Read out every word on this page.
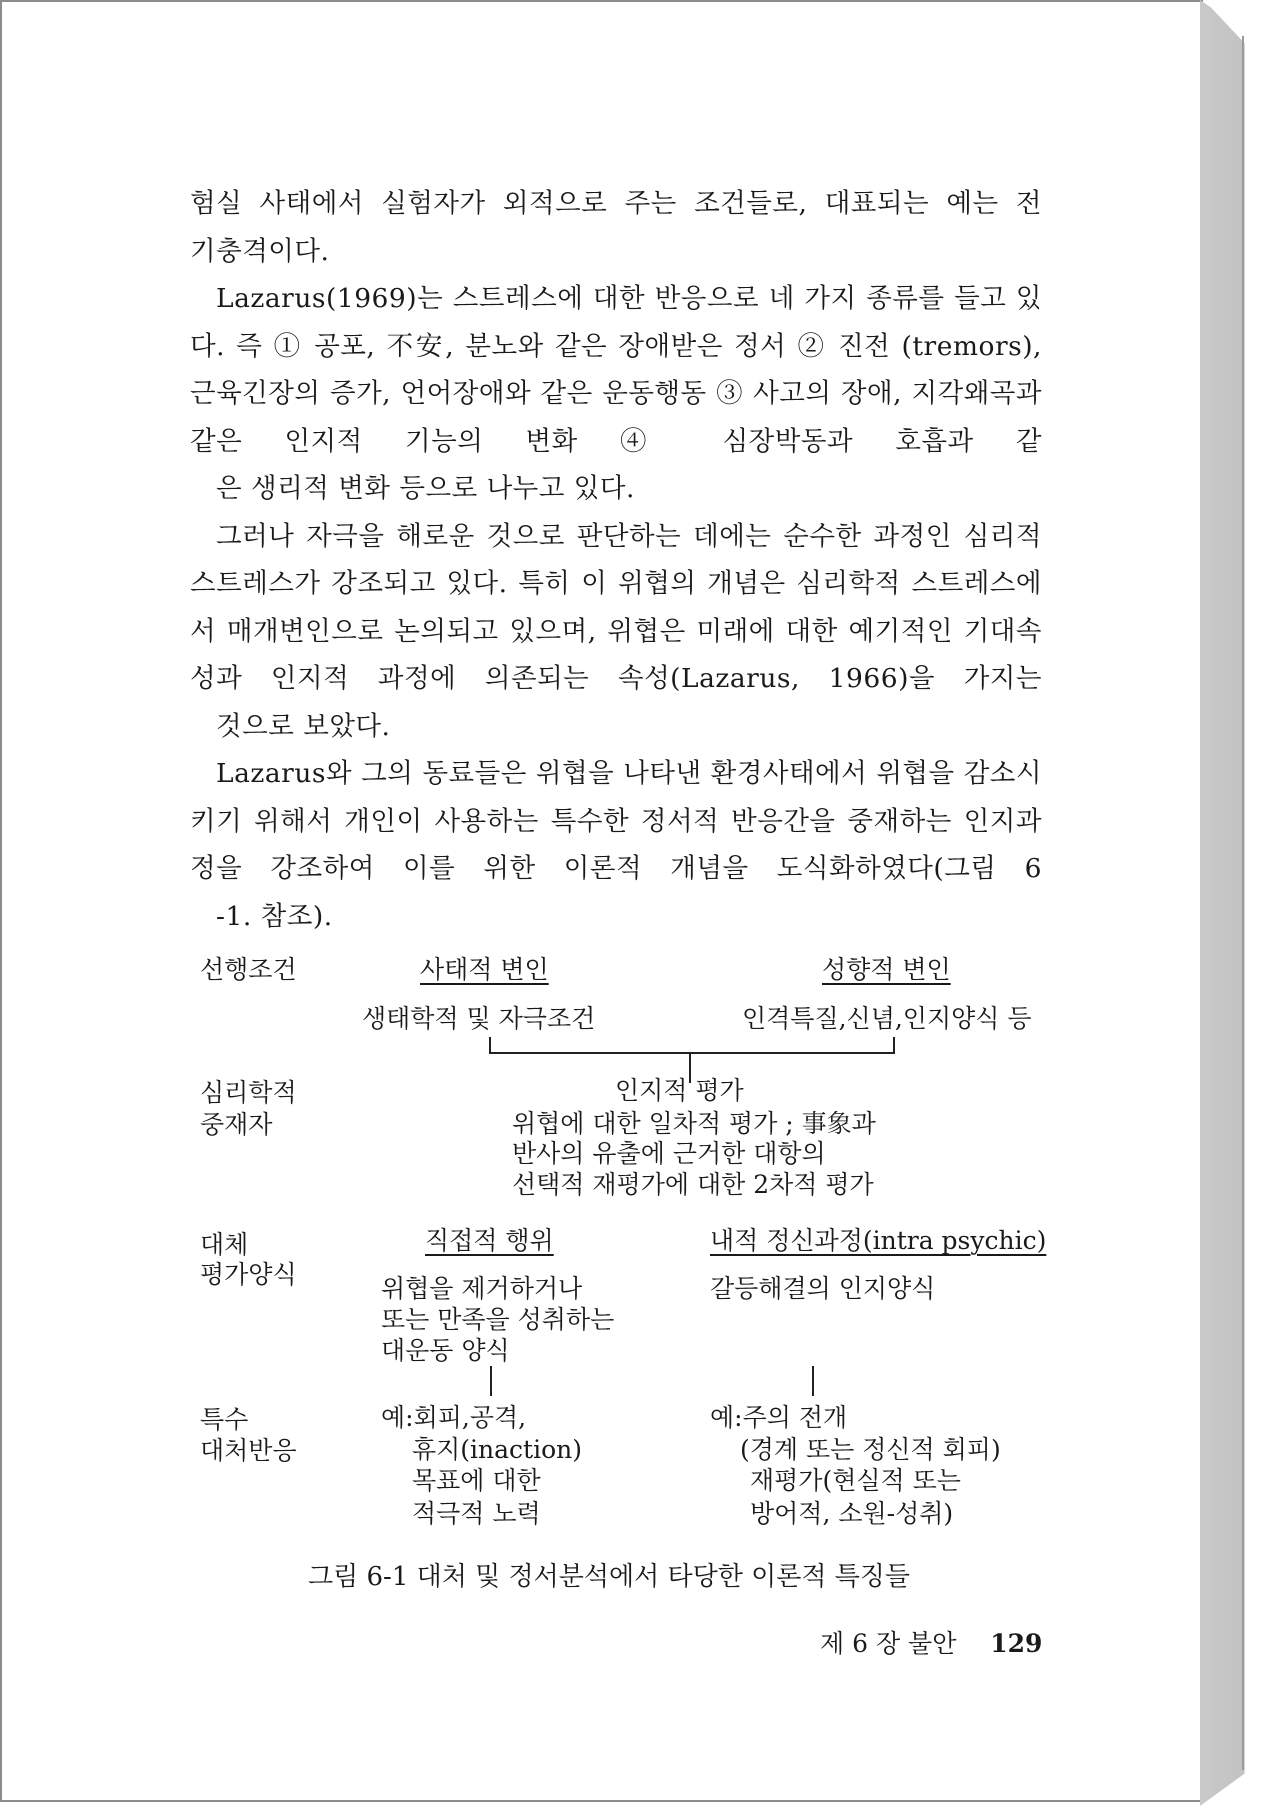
험실 사태에서 실험자가 외적으로 주는 조건들로, 대표되는 예는 전
기충격이다.

Lazarus(1969)는 스트레스에 대한 반응으로 네 가지 종류를 들고 있다. 즉 ① 공포, 不安, 분노와 같은 장애받은 정서 ② 진전 (tremors), 근육긴장의 증가, 언어장애와 같은 운동행동 ③ 사고의 장애, 지각왜곡과 같은 인지적 기능의 변화 ④ 심장박동과 호흡과 같
은 생리적 변화 등으로 나누고 있다.

그러나 자극을 해로운 것으로 판단하는 데에는 순수한 과정인 심리적 스트레스가 강조되고 있다. 특히 이 위협의 개념은 심리학적 스트레스에서 매개변인으로 논의되고 있으며, 위협은 미래에 대한 예기적인 기대속성과 인지적 과정에 의존되는 속성(Lazarus, 1966)을 가지는
것으로 보았다.

Lazarus와 그의 동료들은 위협을 나타낸 환경사태에서 위협을 감소시키기 위해서 개인이 사용하는 특수한 정서적 반응간을 중재하는 인지과정을 강조하여 이를 위한 이론적 개념을 도식화하였다(그림 6
-1. 참조).

선행조건	사태적 변인
생태학적 및 자극조건
성향적 변인
인격특질,신념,인지양식 등
심리학적
중재자
인지적 평가
위협에 대한 일차적 평가 ; 事象과
반사의 유출에 근거한 대항의
선택적 재평가에 대한 2차적 평가
대체
평가양식
직접적 행위
위협을 제거하거나
또는 만족을 성취하는
대운동 양식
내적 정신과정(intra psychic)
갈등해결의 인지양식
특수
대처반응
예:회피,공격,
휴지(inaction)
목표에 대한
적극적 노력
예:주의 전개
(경계 또는 정신적 회피)
재평가(현실적 또는
방어적, 소원-성취)
그림 6-1 대처 및 정서분석에서 타당한 이론적 특징들
제 6 장 불안 129
